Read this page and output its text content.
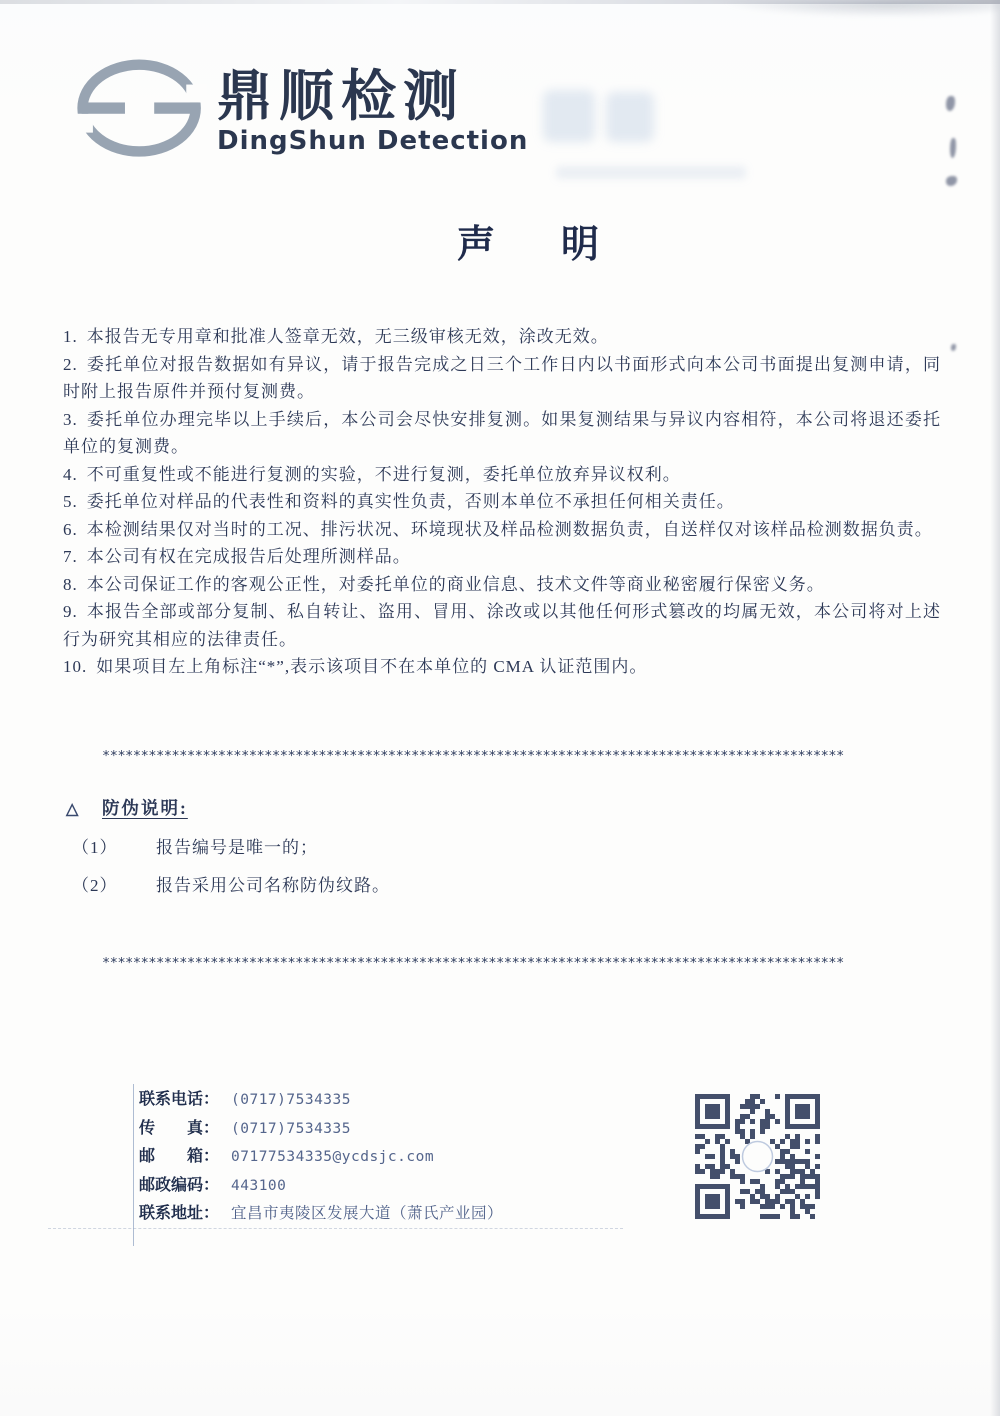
鼎顺检测
DingShun Detection
声　明

1. 本报告无专用章和批准人签章无效，无三级审核无效，涂改无效。

2. 委托单位对报告数据如有异议，请于报告完成之日三个工作日内以书面形式向本公司书面提出复测申请，同时附上报告原件并预付复测费。

3. 委托单位办理完毕以上手续后，本公司会尽快安排复测。如果复测结果与异议内容相符，本公司将退还委托单位的复测费。

4. 不可重复性或不能进行复测的实验，不进行复测，委托单位放弃异议权利。

5. 委托单位对样品的代表性和资料的真实性负责，否则本单位不承担任何相关责任。

6. 本检测结果仅对当时的工况、排污状况、环境现状及样品检测数据负责，自送样仅对该样品检测数据负责。

7. 本公司有权在完成报告后处理所测样品。

8. 本公司保证工作的客观公正性，对委托单位的商业信息、技术文件等商业秘密履行保密义务。

9. 本报告全部或部分复制、私自转让、盗用、冒用、涂改或以其他任何形式篡改的均属无效，本公司将对上述行为研究其相应的法律责任。

10. 如果项目左上角标注“*”,表示该项目不在本单位的 CMA 认证范围内。

************************************************************************************************
△	防伪说明:
（1）	报告编号是唯一的；
（2）	报告采用公司名称防伪纹路。
************************************************************************************************
联系电话： (0717)7534335
传　　真： (0717)7534335
邮　　箱： 07177534335@ycdsjc.com
邮政编码： 443100
联系地址： 宜昌市夷陵区发展大道（萧氏产业园）
